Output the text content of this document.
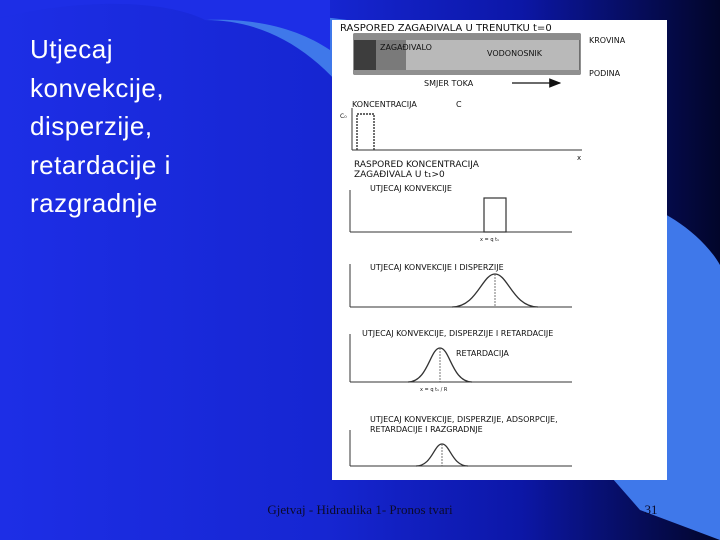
Utjecaj
konvekcije,
disperzije,
retardacije i
razgradnje
RASPORED ZAGAĐIVALA U TRENUTKU t=0
ZAGAĐIVALO
VODONOSNIK
KROVINA
PODINA
SMJER TOKA
KONCENTRACIJA	C
C₀
x
RASPORED KONCENTRACIJA
ZAGAĐIVALA U t₁>0
UTJECAJ KONVEKCIJE
x = q t₁
UTJECAJ KONVEKCIJE I DISPERZIJE
UTJECAJ KONVEKCIJE, DISPERZIJE I RETARDACIJE
RETARDACIJA
x = q t₁ / R
UTJECAJ KONVEKCIJE, DISPERZIJE, ADSORPCIJE,
RETARDACIJE I RAZGRADNJE
Gjetvaj - Hidraulika 1- Pronos tvari	31
